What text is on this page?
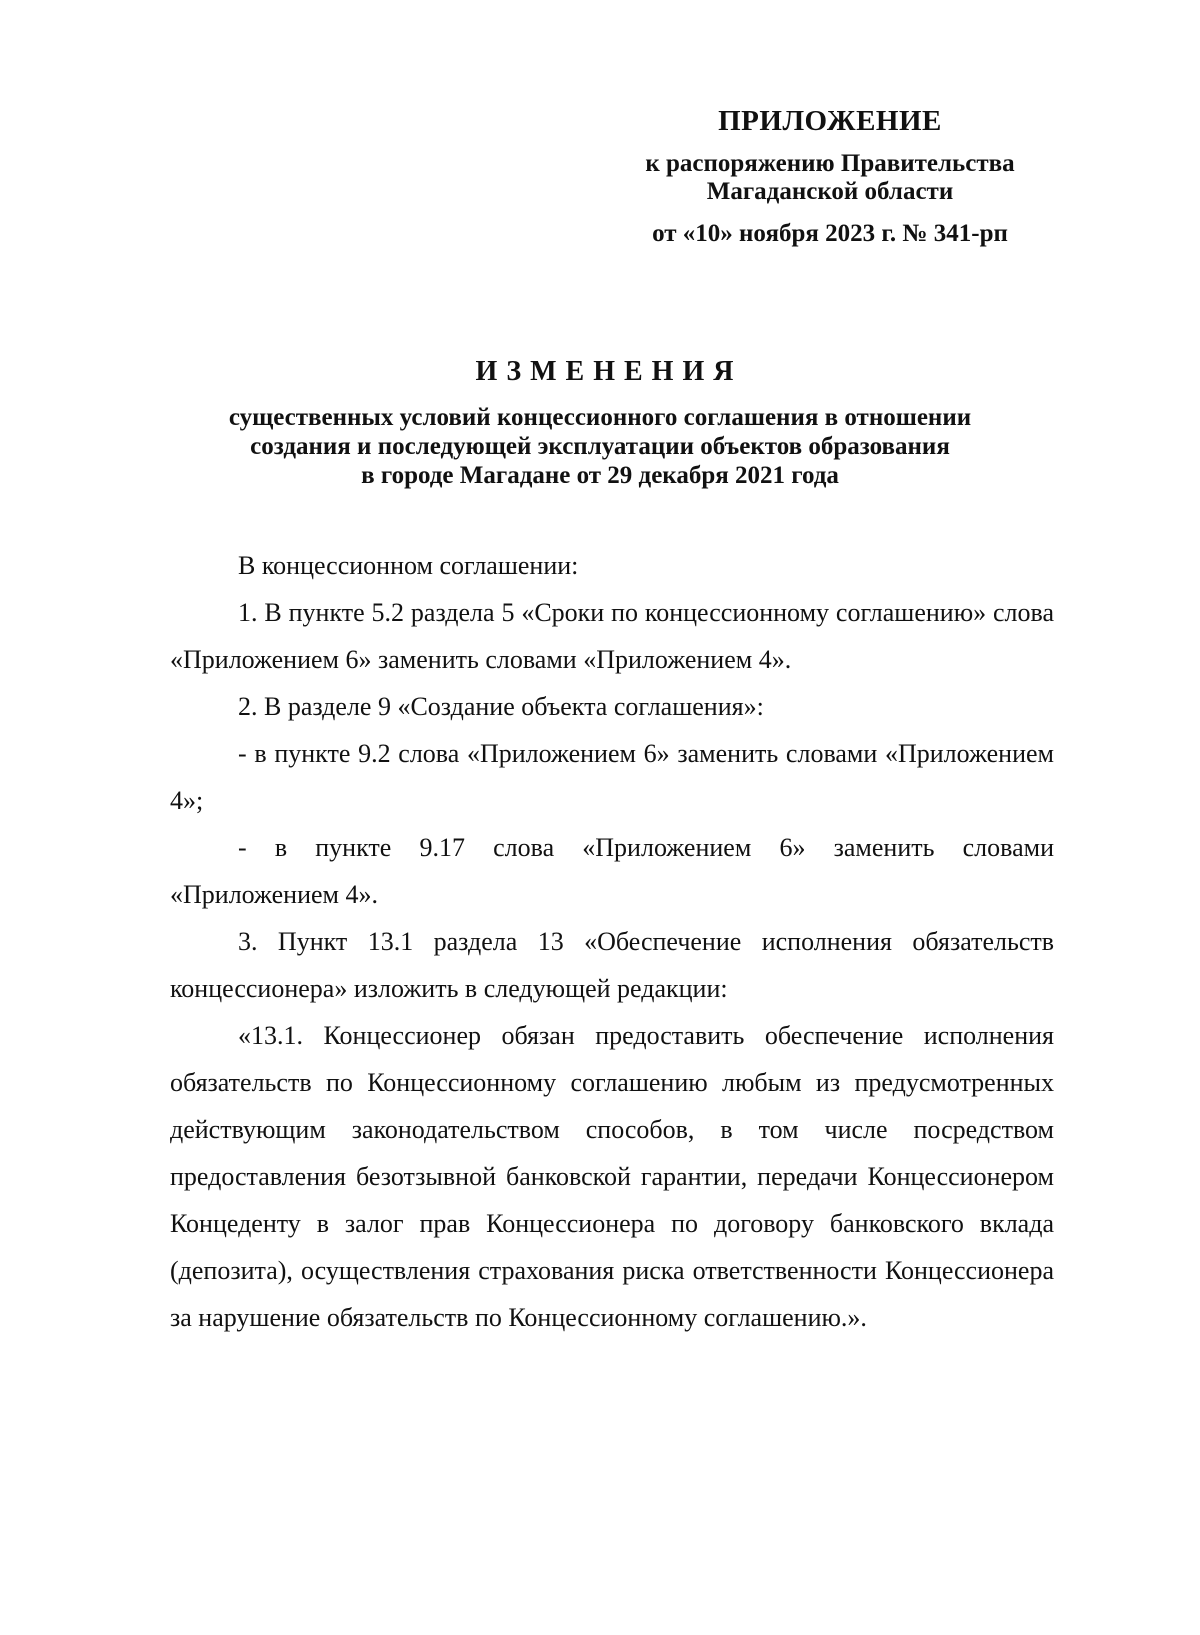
ПРИЛОЖЕНИЕ
к распоряжению Правительства
Магаданской области
от «10» ноября 2023 г. № 341-рп
ИЗМЕНЕНИЯ
существенных условий концессионного соглашения в отношении
создания и последующей эксплуатации объектов образования
в городе Магадане от 29 декабря 2021 года

В концессионном соглашении:

1. В пункте 5.2 раздела 5 «Сроки по концессионному соглашению» слова «Приложением 6» заменить словами «Приложением 4».

2. В разделе 9 «Создание объекта соглашения»:

- в пункте 9.2 слова «Приложением 6» заменить словами «Приложением 4»;

- в пункте 9.17 слова «Приложением 6» заменить словами «Приложением 4».

3. Пункт 13.1 раздела 13 «Обеспечение исполнения обязательств концессионера» изложить в следующей редакции:

«13.1. Концессионер обязан предоставить обеспечение исполнения обязательств по Концессионному соглашению любым из предусмотренных действующим законодательством способов, в том числе посредством предоставления безотзывной банковской гарантии, передачи Концессионером Концеденту в залог прав Концессионера по договору банковского вклада (депозита), осуществления страхования риска ответственности Концессионера за нарушение обязательств по Концессионному соглашению.».
